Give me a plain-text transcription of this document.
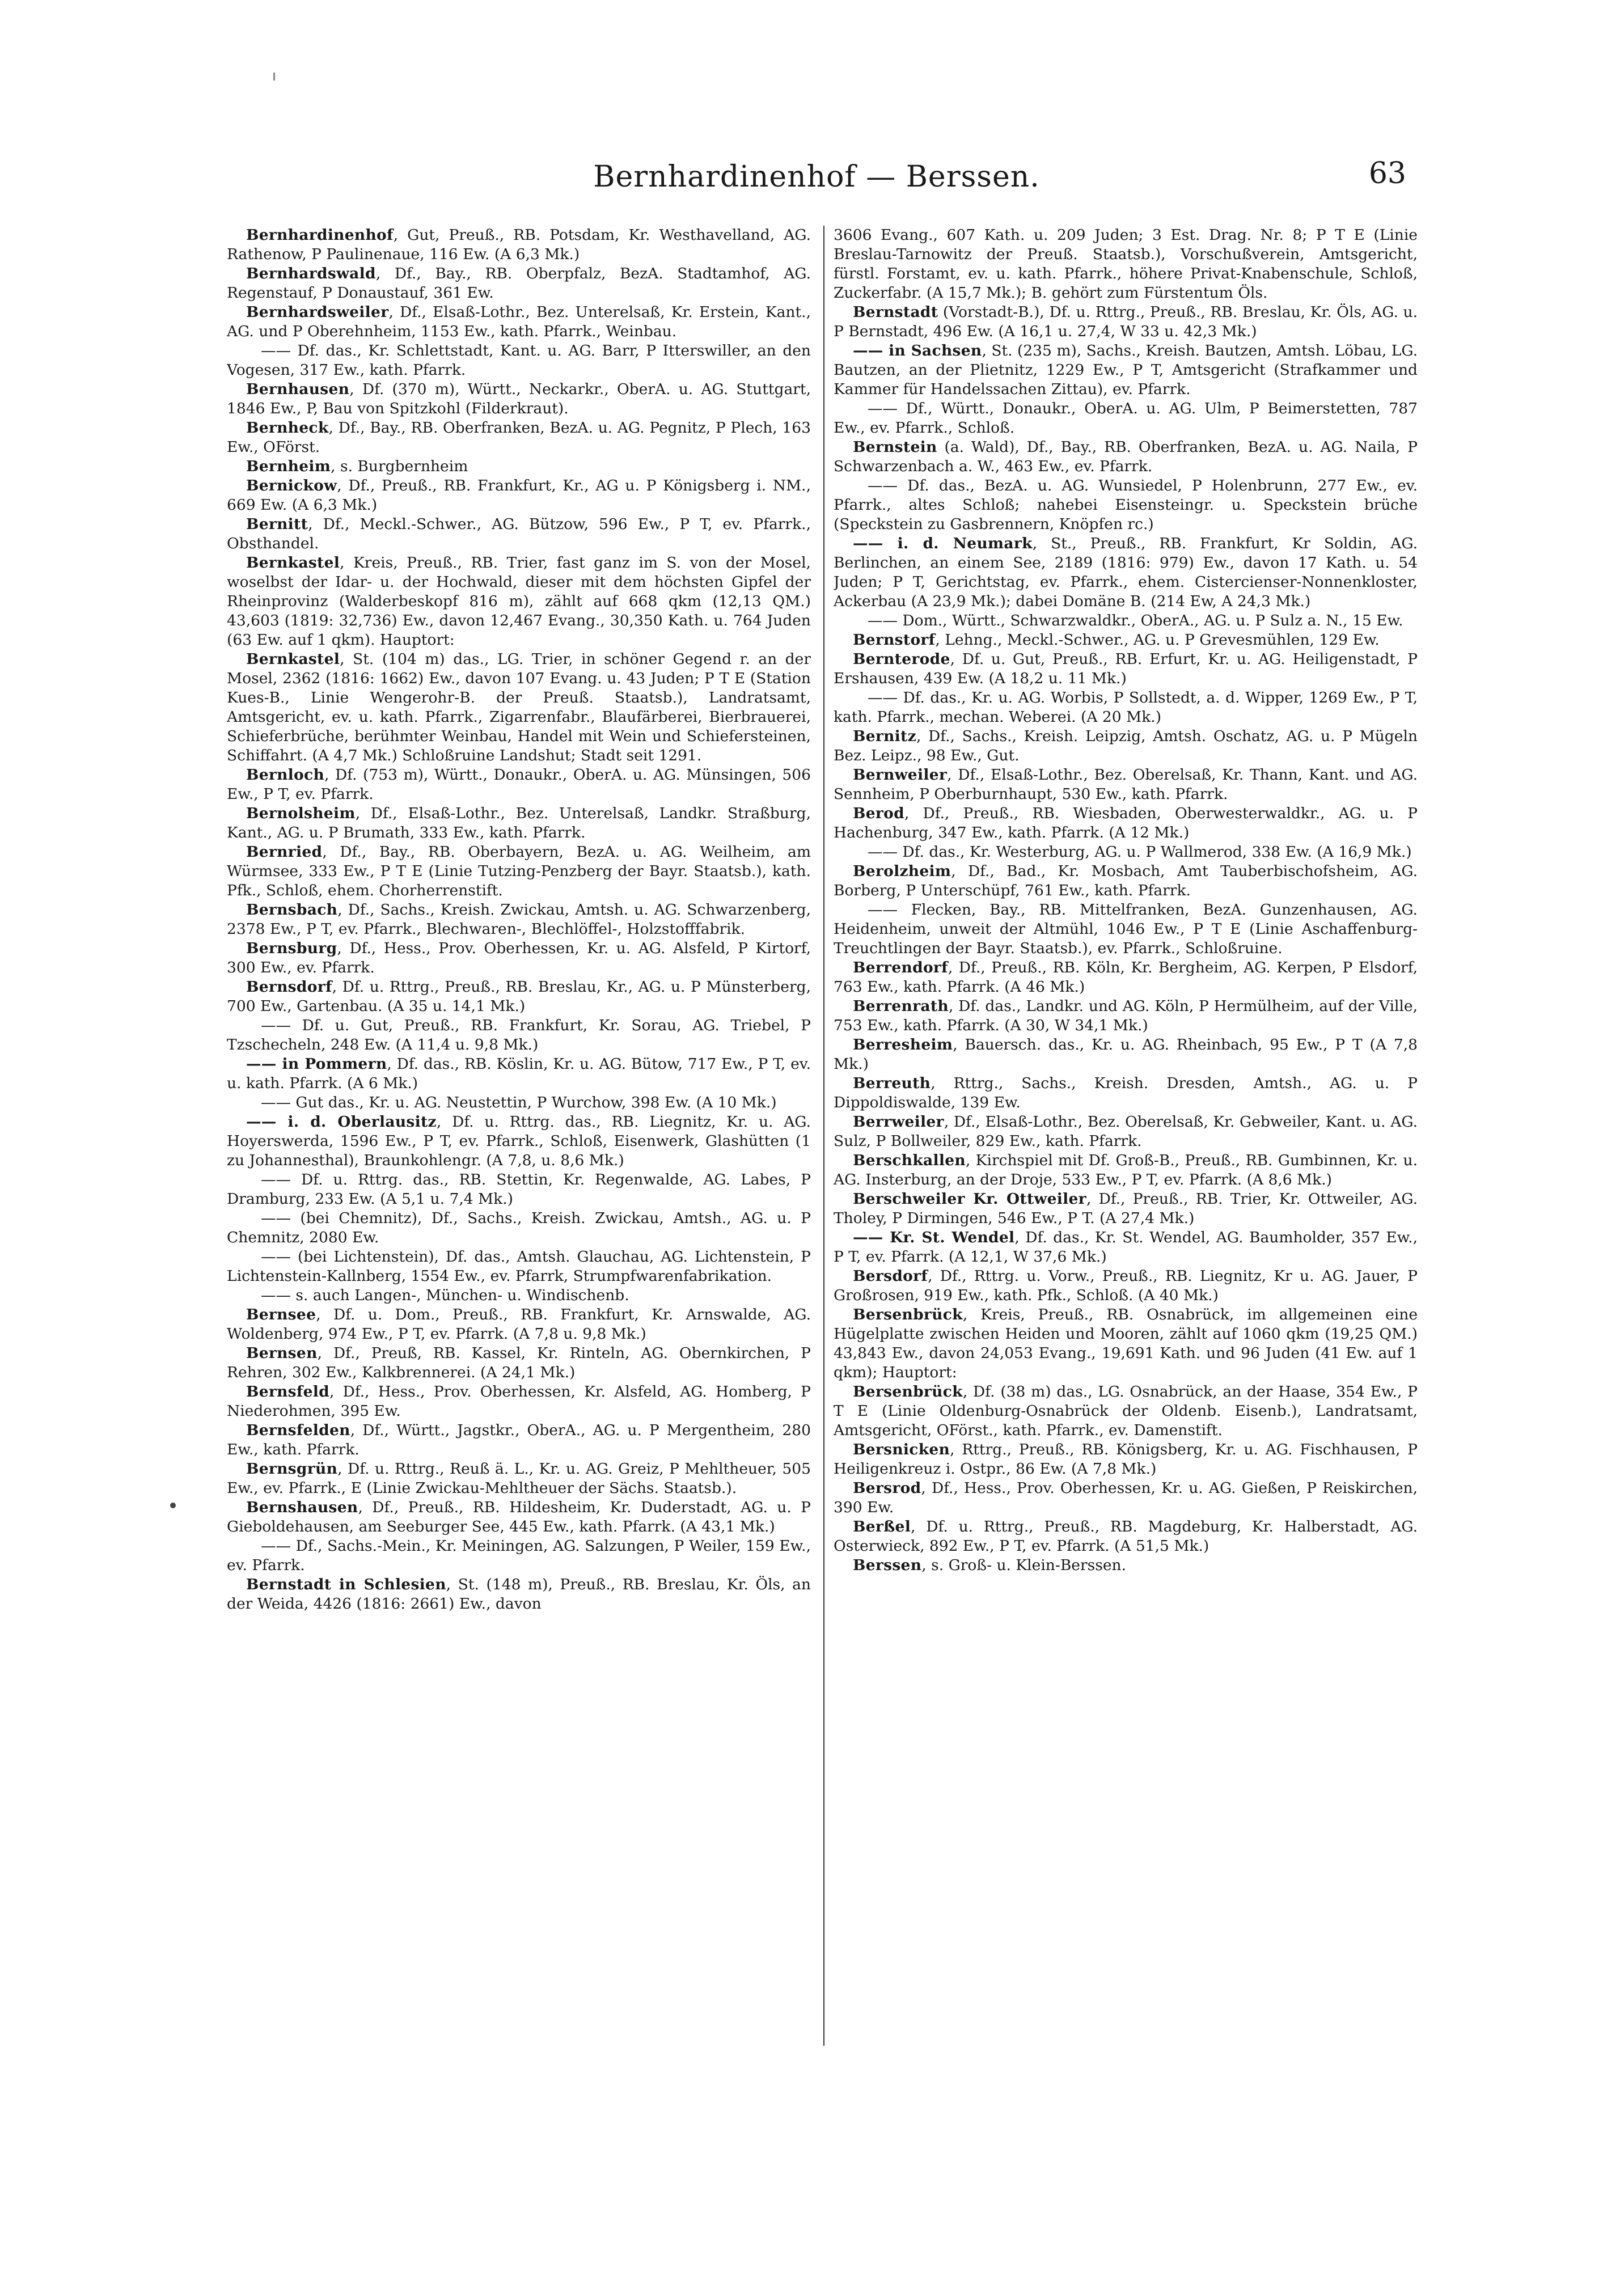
Bernhardinenhof — Berssen.	63

Bernhardinenhof, Gut, Preuß., RB. Potsdam, Kr. Westhavelland, AG. Rathenow, P Paulinenaue, 116 Ew. (A 6,3 Mk.)

Bernhardswald, Df., Bay., RB. Oberpfalz, BezA. Stadtamhof, AG. Regenstauf, P Donaustauf, 361 Ew.

Bernhardsweiler, Df., Elsaß-Lothr., Bez. Unterelsaß, Kr. Erstein, Kant., AG. und P Oberehnheim, 1153 Ew., kath. Pfarrk., Weinbau.

—— Df. das., Kr. Schlettstadt, Kant. u. AG. Barr, P Itterswiller, an den Vogesen, 317 Ew., kath. Pfarrk.

Bernhausen, Df. (370 m), Württ., Neckarkr., OberA. u. AG. Stuttgart, 1846 Ew., P, Bau von Spitzkohl (Filderkraut).

Bernheck, Df., Bay., RB. Oberfranken, BezA. u. AG. Pegnitz, P Plech, 163 Ew., OFörst.

Bernheim, s. Burgbernheim

Bernickow, Df., Preuß., RB. Frankfurt, Kr., AG u. P Königsberg i. NM., 669 Ew. (A 6,3 Mk.)

Bernitt, Df., Meckl.-Schwer., AG. Bützow, 596 Ew., P T, ev. Pfarrk., Obsthandel.

Bernkastel, Kreis, Preuß., RB. Trier, fast ganz im S. von der Mosel, woselbst der Idar- u. der Hochwald, dieser mit dem höchsten Gipfel der Rheinprovinz (Walderbeskopf 816 m), zählt auf 668 qkm (12,13 QM.) 43,603 (1819: 32,736) Ew., davon 12,467 Evang., 30,350 Kath. u. 764 Juden (63 Ew. auf 1 qkm). Hauptort:

Bernkastel, St. (104 m) das., LG. Trier, in schöner Gegend r. an der Mosel, 2362 (1816: 1662) Ew., davon 107 Evang. u. 43 Juden; P T E (Station Kues-B., Linie Wengerohr-B. der Preuß. Staatsb.), Landratsamt, Amtsgericht, ev. u. kath. Pfarrk., Zigarrenfabr., Blaufärberei, Bierbrauerei, Schieferbrüche, berühmter Weinbau, Handel mit Wein und Schiefersteinen, Schiffahrt. (A 4,7 Mk.) Schloßruine Landshut; Stadt seit 1291.

Bernloch, Df. (753 m), Württ., Donaukr., OberA. u. AG. Münsingen, 506 Ew., P T, ev. Pfarrk.

Bernolsheim, Df., Elsaß-Lothr., Bez. Unterelsaß, Landkr. Straßburg, Kant., AG. u. P Brumath, 333 Ew., kath. Pfarrk.

Bernried, Df., Bay., RB. Oberbayern, BezA. u. AG. Weilheim, am Würmsee, 333 Ew., P T E (Linie Tutzing-Penzberg der Bayr. Staatsb.), kath. Pfk., Schloß, ehem. Chorherrenstift.

Bernsbach, Df., Sachs., Kreish. Zwickau, Amtsh. u. AG. Schwarzenberg, 2378 Ew., P T, ev. Pfarrk., Blechwaren-, Blechlöffel-, Holzstofffabrik.

Bernsburg, Df., Hess., Prov. Oberhessen, Kr. u. AG. Alsfeld, P Kirtorf, 300 Ew., ev. Pfarrk.

Bernsdorf, Df. u. Rttrg., Preuß., RB. Breslau, Kr., AG. u. P Münsterberg, 700 Ew., Gartenbau. (A 35 u. 14,1 Mk.)

—— Df. u. Gut, Preuß., RB. Frankfurt, Kr. Sorau, AG. Triebel, P Tzschecheln, 248 Ew. (A 11,4 u. 9,8 Mk.)

—— in Pommern, Df. das., RB. Köslin, Kr. u. AG. Bütow, 717 Ew., P T, ev. u. kath. Pfarrk. (A 6 Mk.)

—— Gut das., Kr. u. AG. Neustettin, P Wurchow, 398 Ew. (A 10 Mk.)

—— i. d. Oberlausitz, Df. u. Rttrg. das., RB. Liegnitz, Kr. u. AG. Hoyerswerda, 1596 Ew., P T, ev. Pfarrk., Schloß, Eisenwerk, Glashütten (1 zu Johannesthal), Braunkohlengr. (A 7,8, u. 8,6 Mk.)

—— Df. u. Rttrg. das., RB. Stettin, Kr. Regenwalde, AG. Labes, P Dramburg, 233 Ew. (A 5,1 u. 7,4 Mk.)

—— (bei Chemnitz), Df., Sachs., Kreish. Zwickau, Amtsh., AG. u. P Chemnitz, 2080 Ew.

—— (bei Lichtenstein), Df. das., Amtsh. Glauchau, AG. Lichtenstein, P Lichtenstein-Kallnberg, 1554 Ew., ev. Pfarrk, Strumpfwarenfabrikation.

—— s. auch Langen-, München- u. Windischenb.

Bernsee, Df. u. Dom., Preuß., RB. Frankfurt, Kr. Arnswalde, AG. Woldenberg, 974 Ew., P T, ev. Pfarrk. (A 7,8 u. 9,8 Mk.)

Bernsen, Df., Preuß, RB. Kassel, Kr. Rinteln, AG. Obernkirchen, P Rehren, 302 Ew., Kalkbrennerei. (A 24,1 Mk.)

Bernsfeld, Df., Hess., Prov. Oberhessen, Kr. Alsfeld, AG. Homberg, P Niederohmen, 395 Ew.

Bernsfelden, Df., Württ., Jagstkr., OberA., AG. u. P Mergentheim, 280 Ew., kath. Pfarrk.

Bernsgrün, Df. u. Rttrg., Reuß ä. L., Kr. u. AG. Greiz, P Mehltheuer, 505 Ew., ev. Pfarrk., E (Linie Zwickau-Mehltheuer der Sächs. Staatsb.).

Bernshausen, Df., Preuß., RB. Hildesheim, Kr. Duderstadt, AG. u. P Gieboldehausen, am Seeburger See, 445 Ew., kath. Pfarrk. (A 43,1 Mk.)

—— Df., Sachs.-Mein., Kr. Meiningen, AG. Salzungen, P Weiler, 159 Ew., ev. Pfarrk.

Bernstadt in Schlesien, St. (148 m), Preuß., RB. Breslau, Kr. Öls, an der Weida, 4426 (1816: 2661) Ew., davon

3606 Evang., 607 Kath. u. 209 Juden; 3 Est. Drag. Nr. 8; P T E (Linie Breslau-Tarnowitz der Preuß. Staatsb.), Vorschußverein, Amtsgericht, fürstl. Forstamt, ev. u. kath. Pfarrk., höhere Privat-Knabenschule, Schloß, Zuckerfabr. (A 15,7 Mk.); B. gehört zum Fürstentum Öls.

Bernstadt (Vorstadt-B.), Df. u. Rttrg., Preuß., RB. Breslau, Kr. Öls, AG. u. P Bernstadt, 496 Ew. (A 16,1 u. 27,4, W 33 u. 42,3 Mk.)

—— in Sachsen, St. (235 m), Sachs., Kreish. Bautzen, Amtsh. Löbau, LG. Bautzen, an der Plietnitz, 1229 Ew., P T, Amtsgericht (Strafkammer und Kammer für Handelssachen Zittau), ev. Pfarrk.

—— Df., Württ., Donaukr., OberA. u. AG. Ulm, P Beimerstetten, 787 Ew., ev. Pfarrk., Schloß.

Bernstein (a. Wald), Df., Bay., RB. Oberfranken, BezA. u. AG. Naila, P Schwarzenbach a. W., 463 Ew., ev. Pfarrk.

—— Df. das., BezA. u. AG. Wunsiedel, P Holenbrunn, 277 Ew., ev. Pfarrk., altes Schloß; nahebei Eisensteingr. u. Speckstein brüche (Speckstein zu Gasbrennern, Knöpfen rc.)

—— i. d. Neumark, St., Preuß., RB. Frankfurt, Kr Soldin, AG. Berlinchen, an einem See, 2189 (1816: 979) Ew., davon 17 Kath. u. 54 Juden; P T, Gerichtstag, ev. Pfarrk., ehem. Cistercienser-Nonnenkloster, Ackerbau (A 23,9 Mk.); dabei Domäne B. (214 Ew, A 24,3 Mk.)

—— Dom., Württ., Schwarzwaldkr., OberA., AG. u. P Sulz a. N., 15 Ew.

Bernstorf, Lehng., Meckl.-Schwer., AG. u. P Grevesmühlen, 129 Ew.

Bernterode, Df. u. Gut, Preuß., RB. Erfurt, Kr. u. AG. Heiligenstadt, P Ershausen, 439 Ew. (A 18,2 u. 11 Mk.)

—— Df. das., Kr. u. AG. Worbis, P Sollstedt, a. d. Wipper, 1269 Ew., P T, kath. Pfarrk., mechan. Weberei. (A 20 Mk.)

Bernitz, Df., Sachs., Kreish. Leipzig, Amtsh. Oschatz, AG. u. P Mügeln Bez. Leipz., 98 Ew., Gut.

Bernweiler, Df., Elsaß-Lothr., Bez. Oberelsaß, Kr. Thann, Kant. und AG. Sennheim, P Oberburnhaupt, 530 Ew., kath. Pfarrk.

Berod, Df., Preuß., RB. Wiesbaden, Oberwesterwaldkr., AG. u. P Hachenburg, 347 Ew., kath. Pfarrk. (A 12 Mk.)

—— Df. das., Kr. Westerburg, AG. u. P Wallmerod, 338 Ew. (A 16,9 Mk.)

Berolzheim, Df., Bad., Kr. Mosbach, Amt Tauberbischofsheim, AG. Borberg, P Unterschüpf, 761 Ew., kath. Pfarrk.

—— Flecken, Bay., RB. Mittelfranken, BezA. Gunzenhausen, AG. Heidenheim, unweit der Altmühl, 1046 Ew., P T E (Linie Aschaffenburg-Treuchtlingen der Bayr. Staatsb.), ev. Pfarrk., Schloßruine.

Berrendorf, Df., Preuß., RB. Köln, Kr. Bergheim, AG. Kerpen, P Elsdorf, 763 Ew., kath. Pfarrk. (A 46 Mk.)

Berrenrath, Df. das., Landkr. und AG. Köln, P Hermülheim, auf der Ville, 753 Ew., kath. Pfarrk. (A 30, W 34,1 Mk.)

Berresheim, Bauersch. das., Kr. u. AG. Rheinbach, 95 Ew., P T (A 7,8 Mk.)

Berreuth, Rttrg., Sachs., Kreish. Dresden, Amtsh., AG. u. P Dippoldiswalde, 139 Ew.

Berrweiler, Df., Elsaß-Lothr., Bez. Oberelsaß, Kr. Gebweiler, Kant. u. AG. Sulz, P Bollweiler, 829 Ew., kath. Pfarrk.

Berschkallen, Kirchspiel mit Df. Groß-B., Preuß., RB. Gumbinnen, Kr. u. AG. Insterburg, an der Droje, 533 Ew., P T, ev. Pfarrk. (A 8,6 Mk.)

Berschweiler Kr. Ottweiler, Df., Preuß., RB. Trier, Kr. Ottweiler, AG. Tholey, P Dirmingen, 546 Ew., P T. (A 27,4 Mk.)

—— Kr. St. Wendel, Df. das., Kr. St. Wendel, AG. Baumholder, 357 Ew., P T, ev. Pfarrk. (A 12,1, W 37,6 Mk.)

Bersdorf, Df., Rttrg. u. Vorw., Preuß., RB. Liegnitz, Kr u. AG. Jauer, P Großrosen, 919 Ew., kath. Pfk., Schloß. (A 40 Mk.)

Bersenbrück, Kreis, Preuß., RB. Osnabrück, im allgemeinen eine Hügelplatte zwischen Heiden und Mooren, zählt auf 1060 qkm (19,25 QM.) 43,843 Ew., davon 24,053 Evang., 19,691 Kath. und 96 Juden (41 Ew. auf 1 qkm); Hauptort:

Bersenbrück, Df. (38 m) das., LG. Osnabrück, an der Haase, 354 Ew., P T E (Linie Oldenburg-Osnabrück der Oldenb. Eisenb.), Landratsamt, Amtsgericht, OFörst., kath. Pfarrk., ev. Damenstift.

Bersnicken, Rttrg., Preuß., RB. Königsberg, Kr. u. AG. Fischhausen, P Heiligenkreuz i. Ostpr., 86 Ew. (A 7,8 Mk.)

Bersrod, Df., Hess., Prov. Oberhessen, Kr. u. AG. Gießen, P Reiskirchen, 390 Ew.

Berßel, Df. u. Rttrg., Preuß., RB. Magdeburg, Kr. Halberstadt, AG. Osterwieck, 892 Ew., P T, ev. Pfarrk. (A 51,5 Mk.)

Berssen, s. Groß- u. Klein-Berssen.
